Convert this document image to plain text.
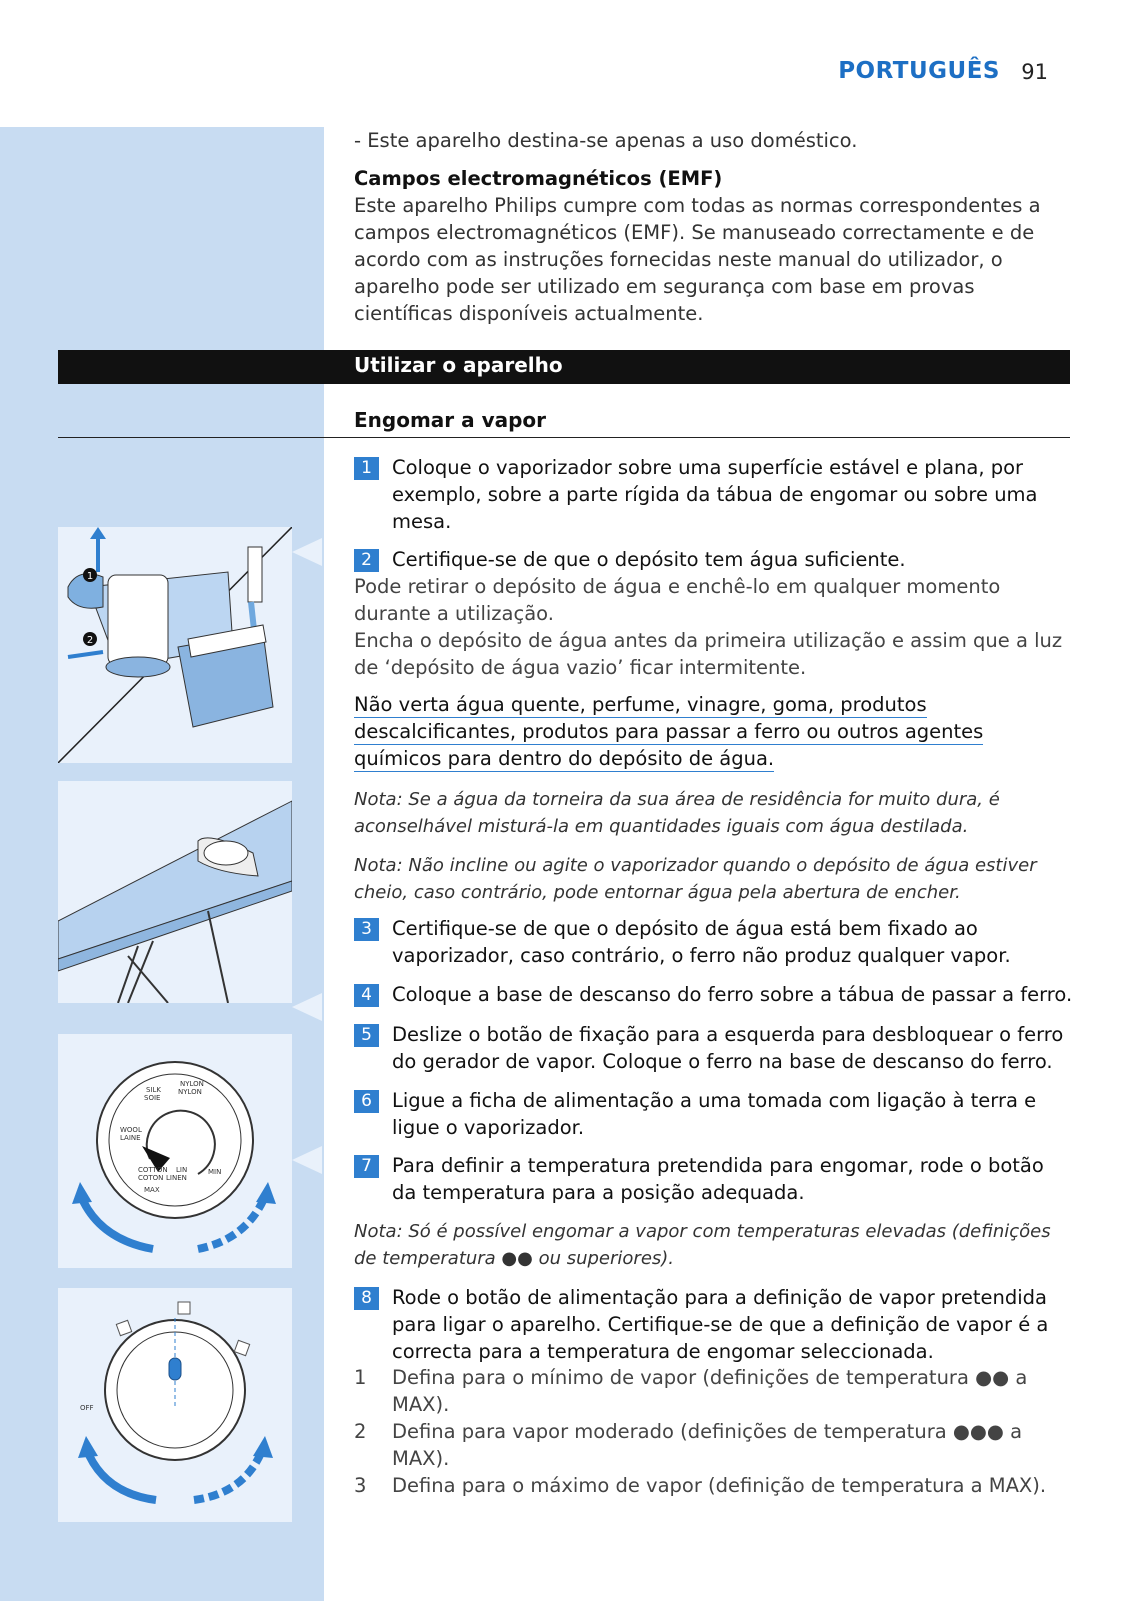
PORTUGUÊS 91
- Este aparelho destina-se apenas a uso doméstico.

Campos electromagnéticos (EMF)

Este aparelho Philips cumpre com todas as normas correspondentes a campos electromagnéticos (EMF). Se manuseado correctamente e de acordo com as instruções fornecidas neste manual do utilizador, o aparelho pode ser utilizado em segurança com base em provas científicas disponíveis actualmente.

Utilizar o aparelho
Engomar a vapor
1	Coloque o vaporizador sobre uma superfície estável e plana, por exemplo, sobre a parte rígida da tábua de engomar ou sobre uma mesa.
2	Certifique-se de que o depósito tem água suficiente.
Pode retirar o depósito de água e enchê-lo em qualquer momento durante a utilização.
Encha o depósito de água antes da primeira utilização e assim que a luz de ‘depósito de água vazio’ ficar intermitente.
Não verta água quente, perfume, vinagre, goma, produtos descalcificantes, produtos para passar a ferro ou outros agentes químicos para dentro do depósito de água.
Nota: Se a água da torneira da sua área de residência for muito dura, é aconselhável misturá-la em quantidades iguais com água destilada.
Nota: Não incline ou agite o vaporizador quando o depósito de água estiver cheio, caso contrário, pode entornar água pela abertura de encher.
3	Certifique-se de que o depósito de água está bem fixado ao vaporizador, caso contrário, o ferro não produz qualquer vapor.
4	Coloque a base de descanso do ferro sobre a tábua de passar a ferro.
5	Deslize o botão de fixação para a esquerda para desbloquear o ferro do gerador de vapor. Coloque o ferro na base de descanso do ferro.
6	Ligue a ficha de alimentação a uma tomada com ligação à terra e ligue o vaporizador.
7	Para definir a temperatura pretendida para engomar, rode o botão da temperatura para a posição adequada.
Nota: Só é possível engomar a vapor com temperaturas elevadas (definições de temperatura ●● ou superiores).
8	Rode o botão de alimentação para a definição de vapor pretendida para ligar o aparelho. Certifique-se de que a definição de vapor é a correcta para a temperatura de engomar seleccionada.
1 Defina para o mínimo de vapor (definições de temperatura ●● a MAX).
2 Defina para vapor moderado (definições de temperatura ●●● a MAX).
3 Defina para o máximo de vapor (definição de temperatura a MAX).
1
2
SILK
SOIE
NYLON
NYLON
WOOL
LAINE
LINEN
LIN
COTTON
COTON
MAX
MIN
OFF
